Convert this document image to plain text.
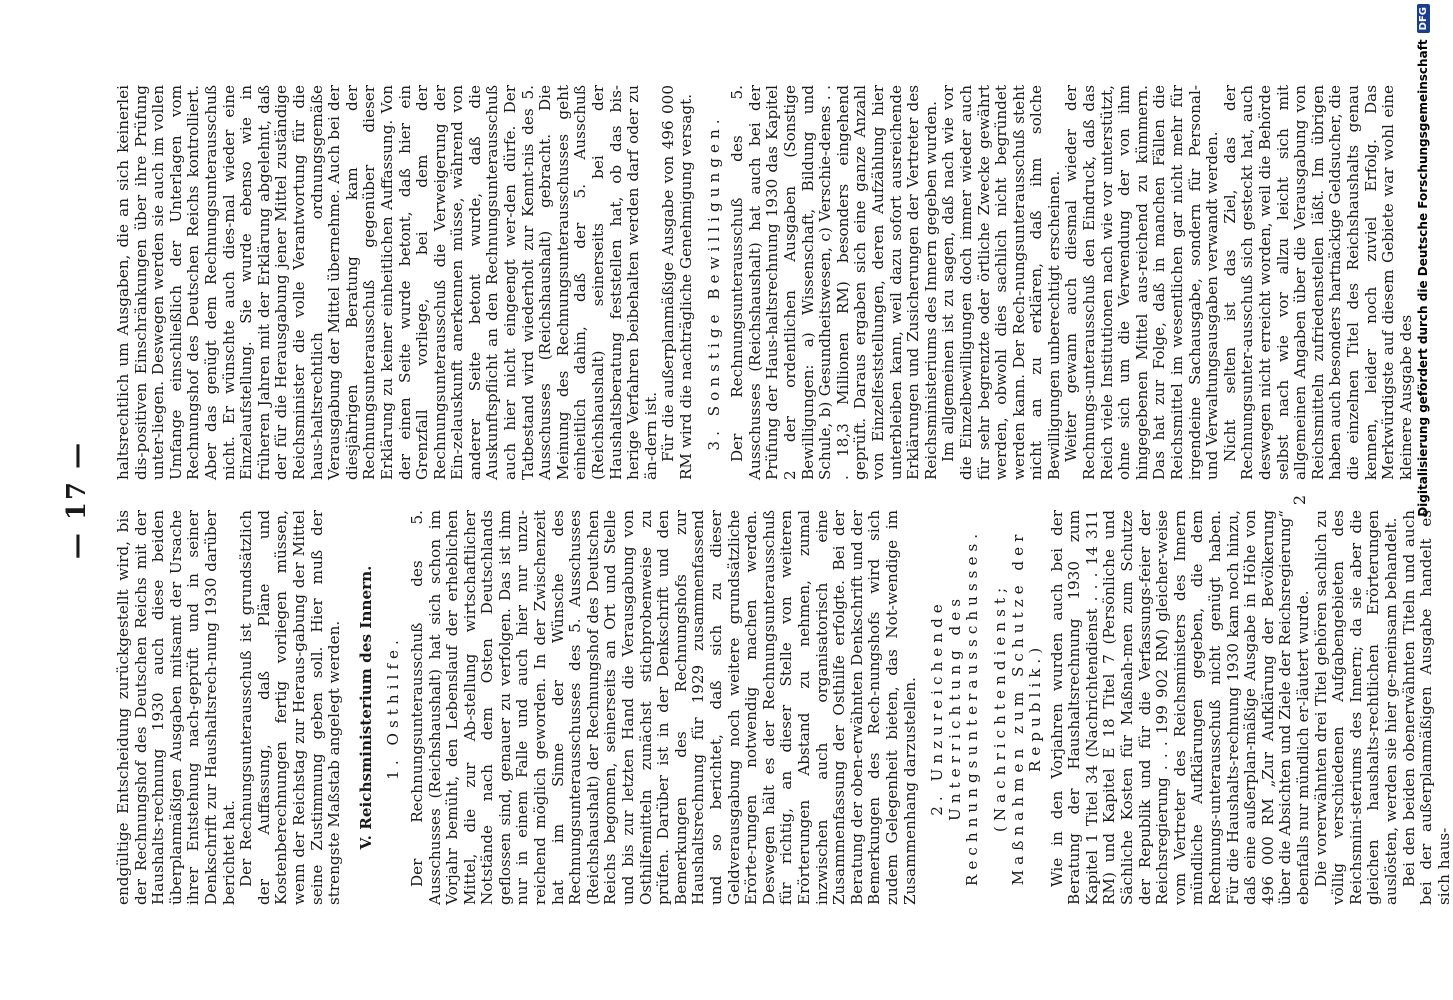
— 17 —

endgültige Entscheidung zurückgestellt wird, bis der Rechnungshof des Deutschen Reichs mit der Haushalts-rechnung 1930 auch diese beiden überplanmäßigen Ausgaben mitsamt der Ursache ihrer Entstehung nach-geprüft und in seiner Denkschrift zur Haushaltsrech-nung 1930 darüber berichtet hat. Der Rechnungsunterausschuß ist grundsätzlich der Auffassung, daß Pläne und Kostenberechnungen fertig vorliegen müssen, wenn der Reichstag zur Heraus-gabung der Mittel seine Zustimmung geben soll. Hier muß der strengste Maßstab angelegt werden. V. Reichsministerium des Innern. 1. Osthilfe. Der Rechnungsunterausschuß des 5. Ausschusses (Reichshaushalt) hat sich schon im Vorjahr bemüht, den Lebenslauf der erheblichen Mittel, die zur Ab-stellung wirtschaftlicher Notstände nach dem Osten Deutschlands geflossen sind, genauer zu verfolgen. Das ist ihm nur in einem Falle und auch hier nur unzu-reichend möglich geworden. In der Zwischenzeit hat im Sinne der Wünsche des Rechnungsunterausschusses des 5. Ausschusses (Reichshaushalt) der Rechnungshof des Deutschen Reichs begonnen, seinerseits an Ort und Stelle und bis zur letzten Hand die Verausgabung von Osthilfemitteln zunächst stichprobenweise zu prüfen. Darüber ist in der Denkschrift und den Bemerkungen des Rechnungshofs zur Haushaltsrechnung für 1929 zusammenfassend und so berichtet, daß sich zu dieser Geldverausgabung noch weitere grundsätzliche Erörte-rungen notwendig machen werden. Deswegen hält es der Rechnungsunterausschuß für richtig, an dieser Stelle von weiteren Erörterungen Abstand zu nehmen, zumal inzwischen auch organisatorisch eine Zusammenfassung der Osthilfe erfolgte. Bei der Beratung der oben-erwähnten Denkschrift und der Bemerkungen des Rech-nungshofs wird sich zudem Gelegenheit bieten, das Not-wendige im Zusammenhang darzustellen. 2. Unzureichende Unterrichtung des Rechnungsunterausschusses. (Nachrichtendienst; Maßnahmen zum Schutze der Republik.) Wie in den Vorjahren wurden auch bei der Beratung der Haushaltsrechnung 1930 zum Kapitel 1 Titel 34 (Nachrichtendienst . . . 14 311 RM) und Kapitel E 18 Titel 7 (Persönliche und Sächliche Kosten für Maßnah-men zum Schutze der Republik und für die Verfassungs-feier der Reichsregierung . . . 199 902 RM) gleicher-weise vom Vertreter des Reichsministers des Innern mündliche Aufklärungen gegeben, die dem Rechnungs-unterausschuß nicht genügt haben. Für die Haushalts-rechnung 1930 kam noch hinzu, daß eine außerplan-mäßige Ausgabe in Höhe von 496 000 RM „Zur Aufklärung der Bevölkerung über die Absichten und Ziele der Reichsregierung“ ebenfalls nur mündlich er-läutert wurde. Die vorerwähnten drei Titel gehören sachlich zu völlig verschiedenen Aufgabengebieten des Reichsmini-steriums des Innern; da sie aber die gleichen haushalts-rechtlichen Erörterungen auslösten, werden sie hier ge-meinsam behandelt. Bei den beiden obenerwähnten Titeln und auch bei der außerplanmäßigen Ausgabe handelt es sich haus-

haltsrechtlich um Ausgaben, die an sich keinerlei dis-positiven Einschränkungen über ihre Prüfung unter-liegen. Deswegen werden sie auch im vollen Umfange einschließlich der Unterlagen vom Rechnungshof des Deutschen Reichs kontrolliert. Aber das genügt dem Rechnungsunterausschuß nicht. Er wünschte auch dies-mal wieder eine Einzelaufstellung. Sie wurde ebenso wie in früheren Jahren mit der Erklärung abgelehnt, daß der für die Herausgabung jener Mittel zuständige Reichsminister die volle Verantwortung für die haus-haltsrechtlich ordnungsgemäße Verausgabung der Mittel übernehme. Auch bei der diesjährigen Beratung kam der Rechnungsunterausschuß gegenüber dieser Erklärung zu keiner einheitlichen Auffassung. Von der einen Seite wurde betont, daß hier ein Grenzfall vorliege, bei dem der Rechnungsunterausschuß die Verweigerung der Ein-zelauskunft anerkennen müsse, während von anderer Seite betont wurde, daß die Auskunftspflicht an den Rechnungsunterausschuß auch hier nicht eingeengt wer-den dürfe. Der Tatbestand wird wiederholt zur Kennt-nis des 5. Ausschusses (Reichshaushalt) gebracht. Die Meinung des Rechnungsunterausschusses geht einheitlich dahin, daß der 5. Ausschuß (Reichshaushalt) seinerseits bei der Haushaltsberatung feststellen hat, ob das bis-herige Verfahren beibehalten werden darf oder zu än-dern ist. Für die außerplanmäßige Ausgabe von 496 000 RM wird die nachträgliche Genehmigung versagt. 3. Sonstige Bewilligungen. Der Rechnungsunterausschuß des 5. Ausschusses (Reichshaushalt) hat auch bei der Prüfung der Haus-haltsrechnung 1930 das Kapitel 2 der ordentlichen Ausgaben (Sonstige Bewilligungen: a) Wissenschaft, Bildung und Schule, b) Gesundheitswesen, c) Verschie-denes . . . 18,3 Millionen RM) besonders eingehend geprüft. Daraus ergaben sich eine ganze Anzahl von Einzelfeststellungen, deren Aufzählung hier unterbleiben kann, weil dazu sofort ausreichende Erklärungen und Zusicherungen der Vertreter des Reichsministeriums des Innern gegeben wurden. Im allgemeinen ist zu sagen, daß nach wie vor die Einzelbewilligungen doch immer wieder auch für sehr begrenzte oder örtliche Zwecke gewährt werden, obwohl dies sachlich nicht begründet werden kann. Der Rech-nungsunterausschuß steht nicht an zu erklären, daß ihm solche Bewilligungen unberechtigt erscheinen. Weiter gewann auch diesmal wieder der Rechnungs-unterausschuß den Eindruck, daß das Reich viele Institutionen nach wie vor unterstützt, ohne sich um die Verwendung der von ihm hingegebenen Mittel aus-reichend zu kümmern. Das hat zur Folge, daß in manchen Fällen die Reichsmittel im wesentlichen gar nicht mehr für irgendeine Sachausgabe, sondern für Personal- und Verwaltungsausgaben verwandt werden. Nicht selten ist das Ziel, das der Rechnungsunter-ausschuß sich gesteckt hat, auch deswegen nicht erreicht worden, weil die Behörde selbst nach wie vor allzu leicht sich mit allgemeinen Angaben über die Verausgabung von Reichsmitteln zufriedenstellen läßt. Im übrigen haben auch besonders hartnäckige Geldsucher, die die einzelnen Titel des Reichshaushalts genau kennen, leider noch zuviel Erfolg. Das Merkwürdigste auf diesem Gebiete war wohl eine kleinere Ausgabe des

2	Digitalisierung gefördert durch die Deutsche Forschungsgemeinschaft
DFG
